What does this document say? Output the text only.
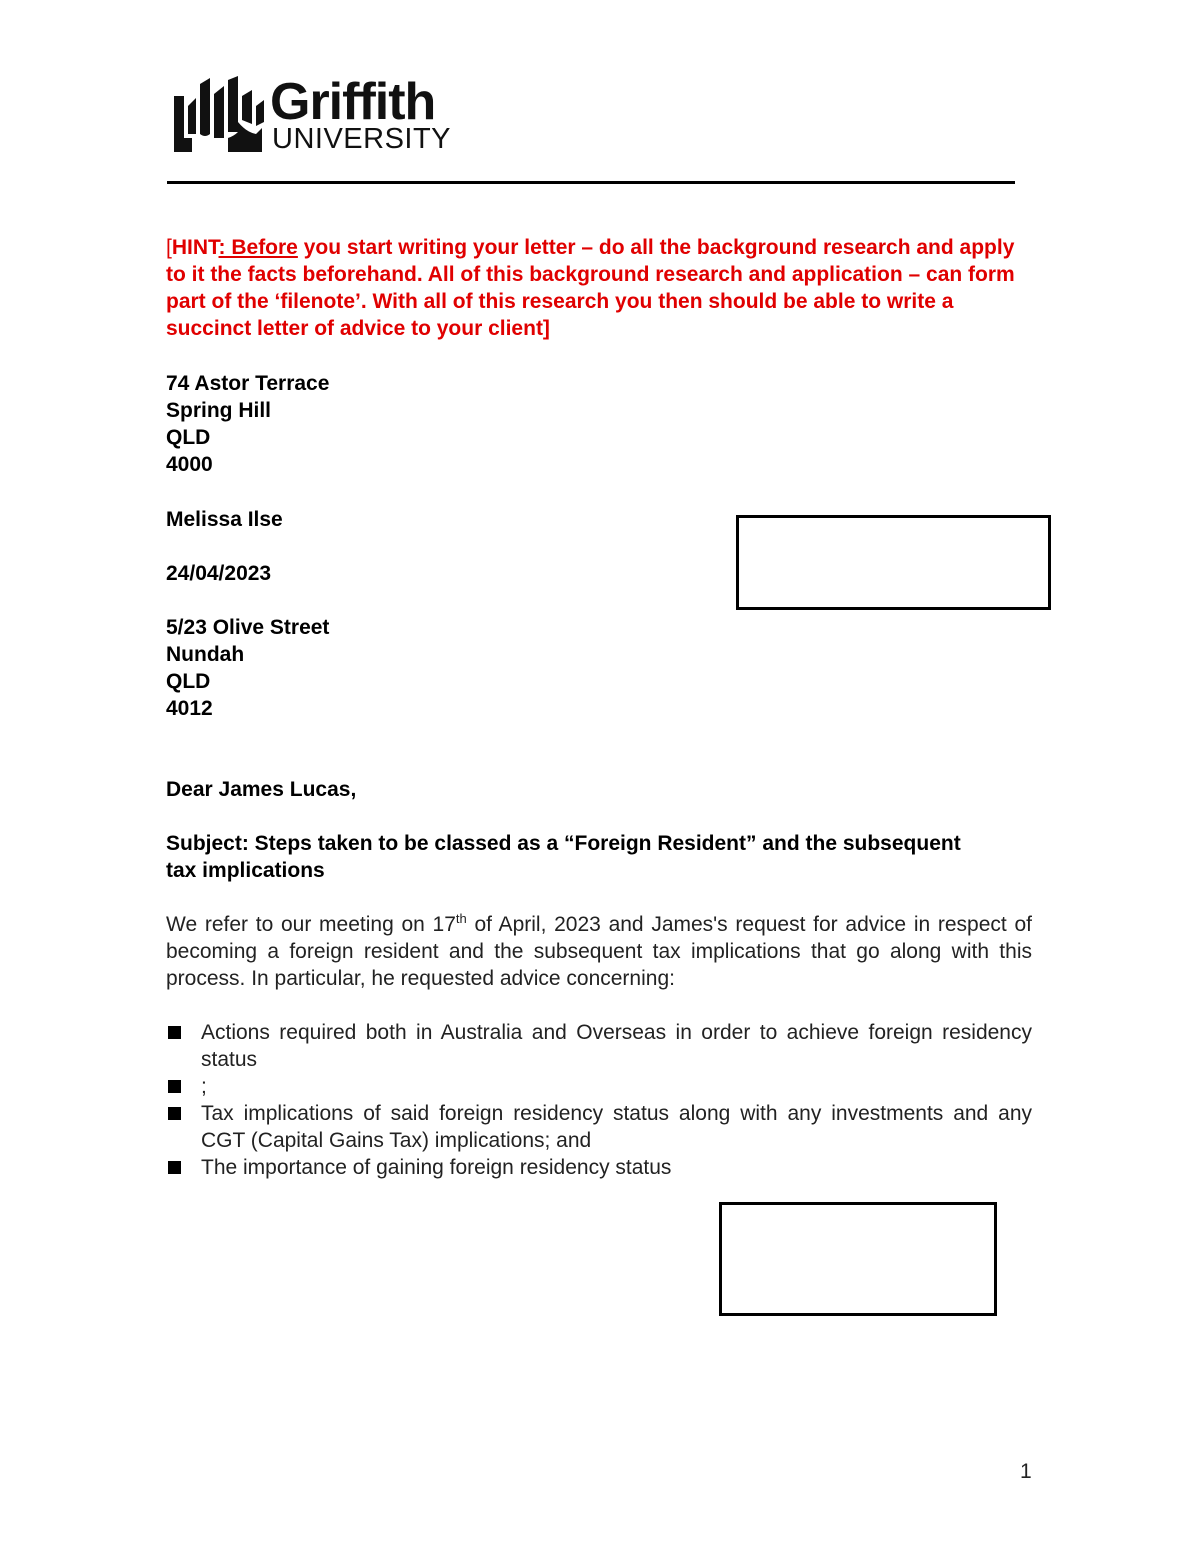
Griffith
UNIVERSITY
[HINT: Before you start writing your letter – do all the background research and apply to it the facts beforehand. All of this background research and application – can form part of the ‘filenote’. With all of this research you then should be able to write a succinct letter of advice to your client]
74 Astor Terrace
Spring Hill
QLD
4000
Melissa Ilse
24/04/2023
5/23 Olive Street
Nundah
QLD
4012
Dear James Lucas,
Subject: Steps taken to be classed as a “Foreign Resident” and the subsequent tax implications
We refer to our meeting on 17th of April, 2023 and James's request for advice in respect of becoming a foreign resident and the subsequent tax implications that go along with this process. In particular, he requested advice concerning:
Actions required both in Australia and Overseas in order to achieve foreign residency status
;
Tax implications of said foreign residency status along with any investments and any CGT (Capital Gains Tax) implications; and
The importance of gaining foreign residency status
1
